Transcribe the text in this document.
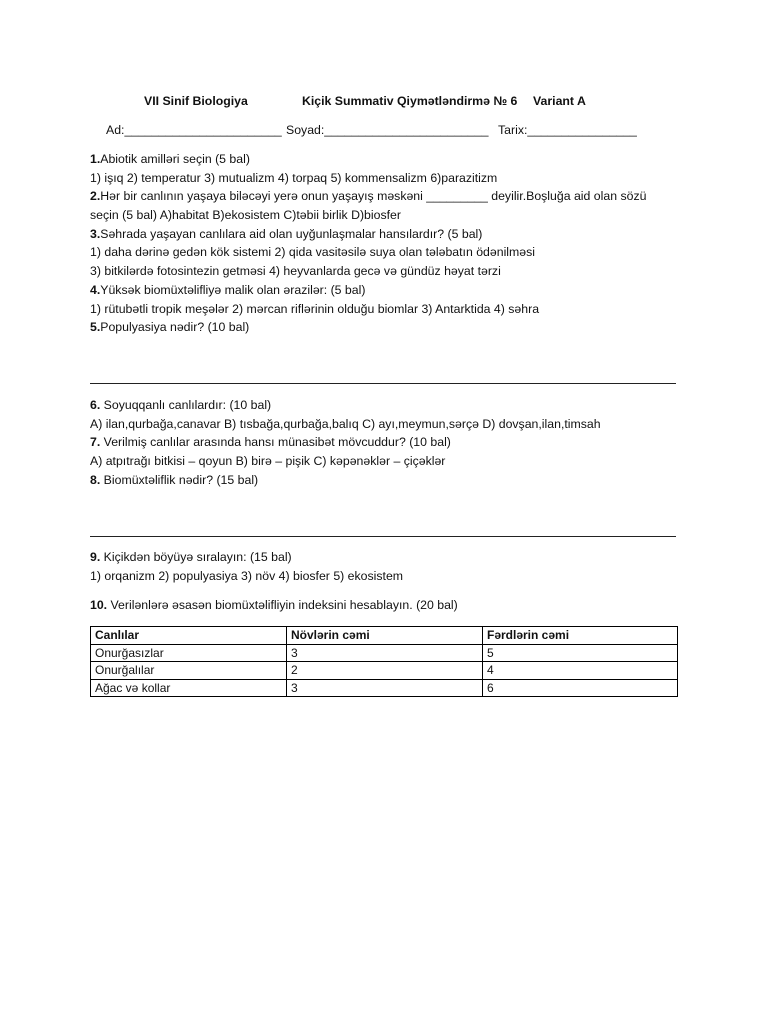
VII Sinif Biologiya	Kiçik Summativ Qiymətləndirmə № 6 Variant A
Ad:_______________________ Soyad:________________________ Tarix:________________
1.Abiotik amilləri seçin (5 bal)
1) işıq 2) temperatur 3) mutualizm 4) torpaq 5) kommensalizm 6)parazitizm
2.Hər bir canlının yaşaya biləcəyi yerə onun yaşayış məskəni _________ deyilir.Boşluğa aid olan sözü
seçin (5 bal) A)habitat B)ekosistem C)təbii birlik D)biosfer
3.Səhrada yaşayan canlılara aid olan uyğunlaşmalar hansılardır? (5 bal)
1) daha dərinə gedən kök sistemi 2) qida vasitəsilə suya olan tələbatın ödənilməsi
3) bitkilərdə fotosintezin getməsi 4) heyvanlarda gecə və gündüz həyat tərzi
4.Yüksək biomüxtəlifliyə malik olan ərazilər: (5 bal)
1) rütubətli tropik meşələr 2) mərcan riflərinin olduğu biomlar 3) Antarktida 4) səhra
5.Populyasiya nədir? (10 bal)
6. Soyuqqanlı canlılardır: (10 bal)
A) ilan,qurbağa,canavar B) tısbağa,qurbağa,balıq C) ayı,meymun,sərçə D) dovşan,ilan,timsah
7. Verilmiş canlılar arasında hansı münasibət mövcuddur? (10 bal)
A) atpıtrağı bitkisi – qoyun B) birə – pişik C) kəpənəklər – çiçəklər
8. Biomüxtəliflik nədir? (15 bal)
9. Kiçikdən böyüyə sıralayın: (15 bal)
1) orqanizm 2) populyasiya 3) növ 4) biosfer 5) ekosistem
10. Verilənlərə əsasən biomüxtəlifliyin indeksini hesablayın. (20 bal)
Canlılar	Növlərin cəmi	Fərdlərin cəmi
Onurğasızlar	3	5
Onurğalılar	2	4
Ağac və kollar	3	6
